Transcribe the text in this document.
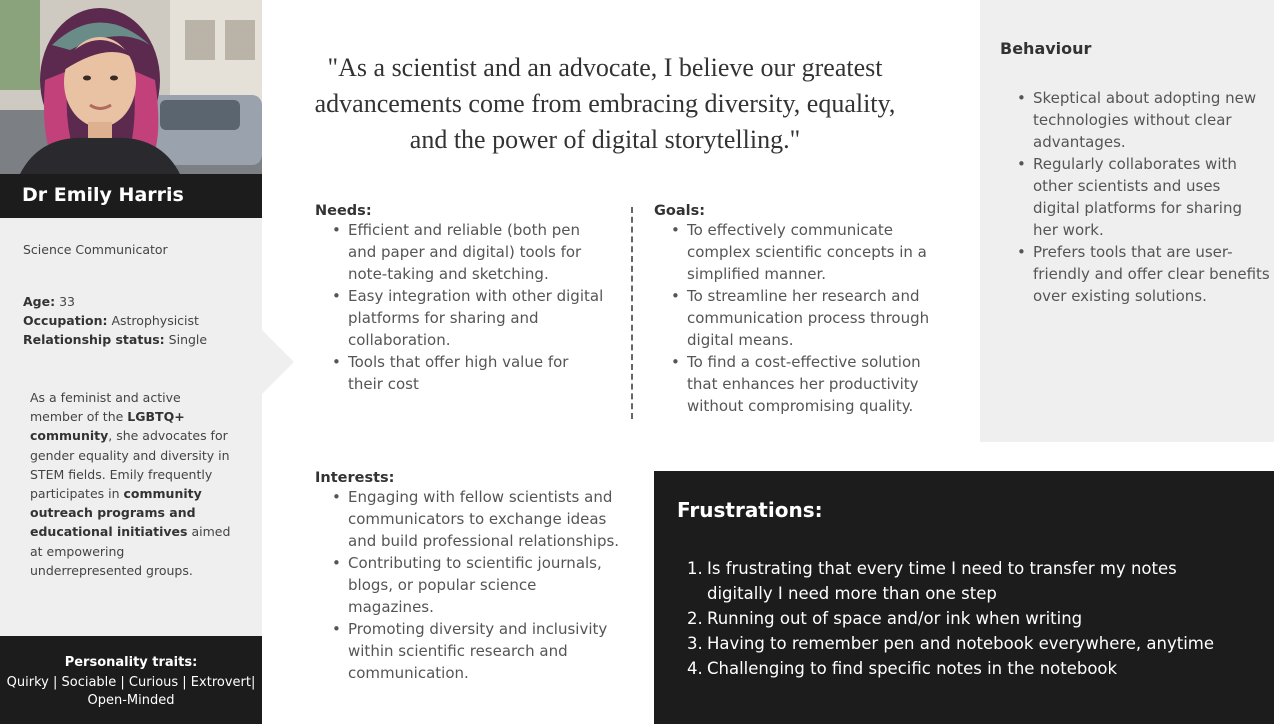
Dr Emily Harris
Science Communicator
Age: 33
Occupation: Astrophysicist
Relationship status: Single
As a feminist and active member of the LGBTQ+ community, she advocates for gender equality and diversity in STEM fields. Emily frequently participates in community outreach programs and educational initiatives aimed at empowering underrepresented groups.
Personality traits:
Quirky | Sociable | Curious | Extrovert| Open-Minded
"As a scientist and an advocate, I believe our greatest advancements come from embracing diversity, equality, and the power of digital storytelling."
Needs:
• Efficient and reliable (both pen and paper and digital) tools for note-taking and sketching.
• Easy integration with other digital platforms for sharing and collaboration.
• Tools that offer high value for their cost
Goals:
• To effectively communicate complex scientific concepts in a simplified manner.
• To streamline her research and communication process through digital means.
• To find a cost-effective solution that enhances her productivity without compromising quality.
Interests:
• Engaging with fellow scientists and communicators to exchange ideas and build professional relationships.
• Contributing to scientific journals, blogs, or popular science magazines.
• Promoting diversity and inclusivity within scientific research and communication.
Behaviour
• Skeptical about adopting new technologies without clear advantages.
• Regularly collaborates with other scientists and uses digital platforms for sharing her work.
• Prefers tools that are user-friendly and offer clear benefits over existing solutions.
Frustrations:
1. Is frustrating that every time I need to transfer my notes digitally I need more than one step
2. Running out of space and/or ink when writing
3. Having to remember pen and notebook everywhere, anytime
4. Challenging to find specific notes in the notebook
